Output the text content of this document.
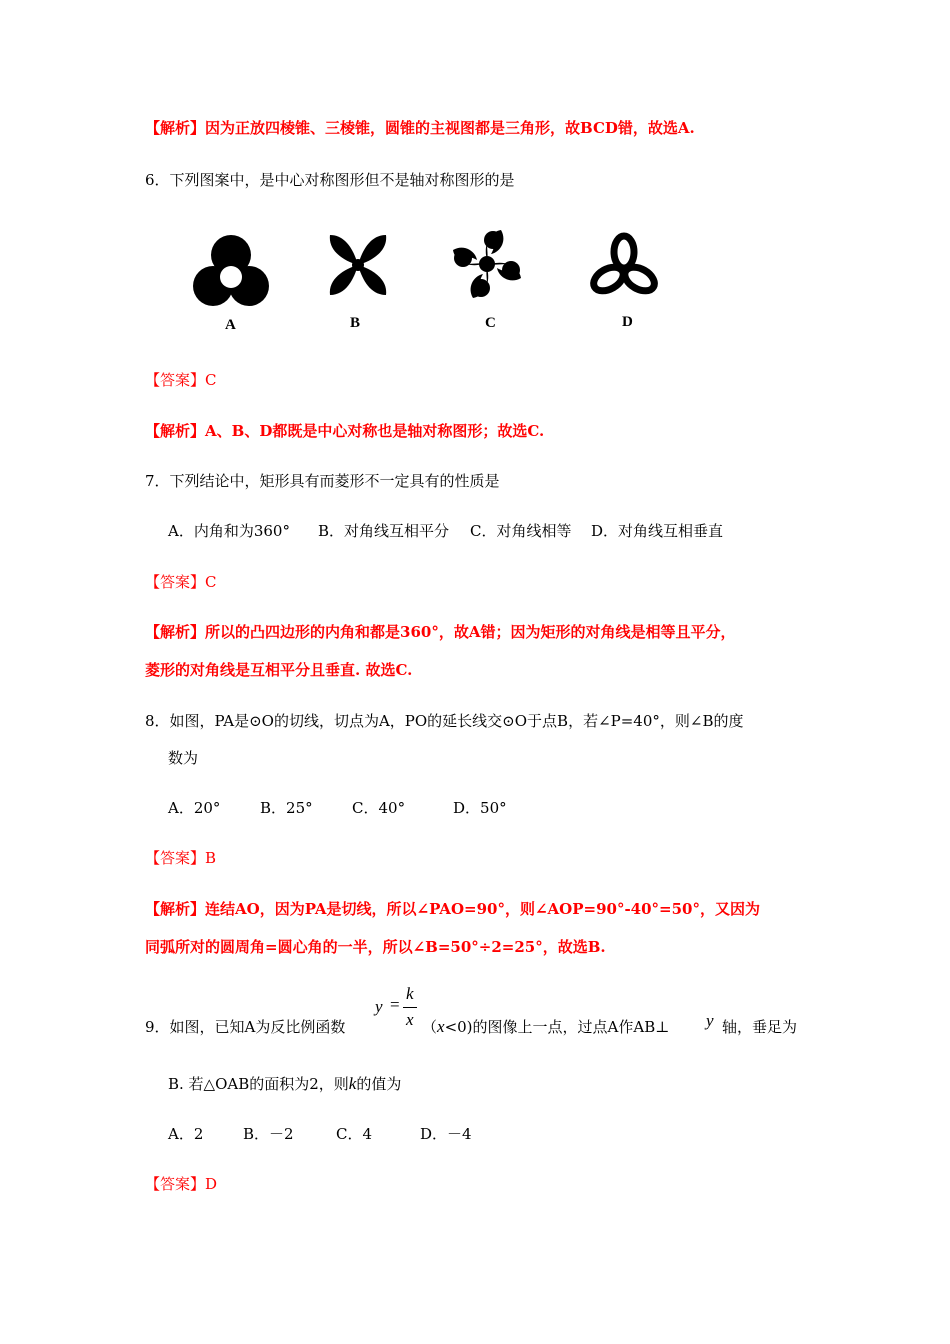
【解析】因为正放四棱锥、三棱锥，圆锥的主视图都是三角形，故BCD错，故选A.
6．下列图案中，是中心对称图形但不是轴对称图形的是
A	B	C	D
【答案】C
【解析】A、B、D都既是中心对称也是轴对称图形；故选C.
7．下列结论中，矩形具有而菱形不一定具有的性质是
A．内角和为360° B．对角线互相平分 C．对角线相等 D．对角线互相垂直
【答案】C
【解析】所以的凸四边形的内角和都是360°，故A错；因为矩形的对角线是相等且平分，
菱形的对角线是互相平分且垂直. 故选C.
8．如图，PA是⊙O的切线，切点为A，PO的延长线交⊙O于点B，若∠P=40°，则∠B的度
数为
A．20°	B．25°	C．40°	D．50°
【答案】B
【解析】连结AO，因为PA是切线，所以∠PAO=90°，则∠AOP=90°-40°=50°，又因为
同弧所对的圆周角=圆心角的一半，所以∠B=50°÷2=25°，故选B.
9．如图，已知A为反比例函数
y =
k
x （x<0)的图像上一点，过点A作AB⊥ y 轴，垂足为
B. 若△OAB的面积为2，则k的值为
A．2	B．－2	C．4	D．－4
【答案】D
